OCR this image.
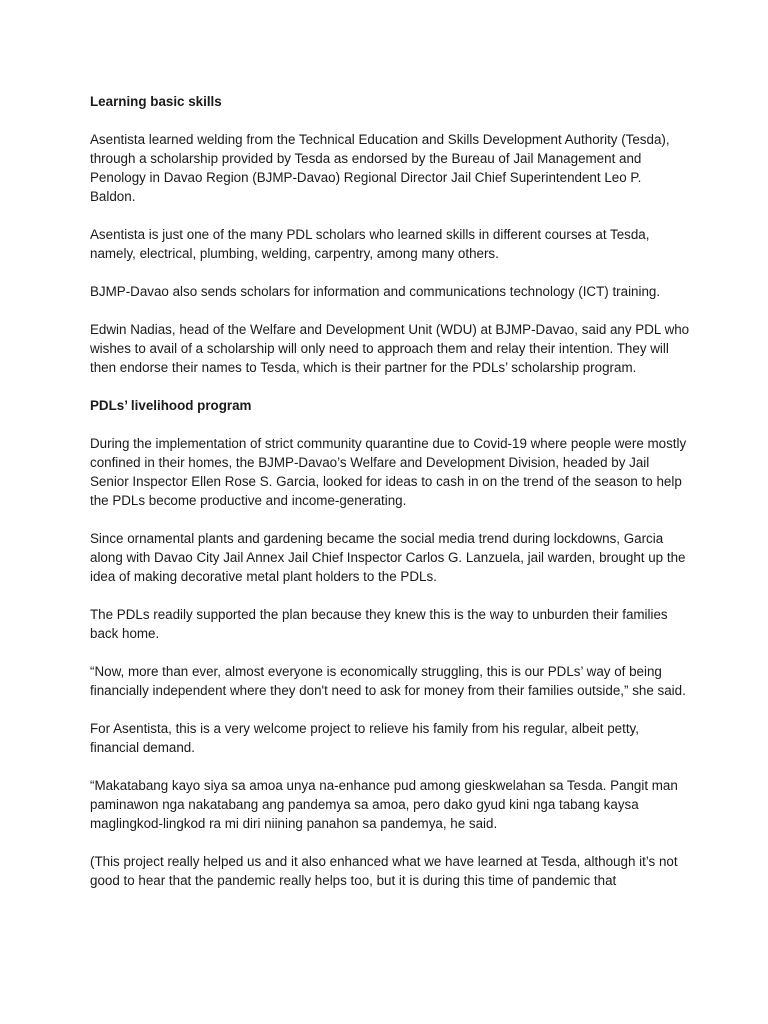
Learning basic skills

Asentista learned welding from the Technical Education and Skills Development Authority (Tesda), through a scholarship provided by Tesda as endorsed by the Bureau of Jail Management and Penology in Davao Region (BJMP-Davao) Regional Director Jail Chief Superintendent Leo P. Baldon.

Asentista is just one of the many PDL scholars who learned skills in different courses at Tesda, namely, electrical, plumbing, welding, carpentry, among many others.

BJMP-Davao also sends scholars for information and communications technology (ICT) training.

Edwin Nadias, head of the Welfare and Development Unit (WDU) at BJMP-Davao, said any PDL who wishes to avail of a scholarship will only need to approach them and relay their intention. They will then endorse their names to Tesda, which is their partner for the PDLs’ scholarship program.

PDLs’ livelihood program

During the implementation of strict community quarantine due to Covid-19 where people were mostly confined in their homes, the BJMP-Davao’s Welfare and Development Division, headed by Jail Senior Inspector Ellen Rose S. Garcia, looked for ideas to cash in on the trend of the season to help the PDLs become productive and income-generating.

Since ornamental plants and gardening became the social media trend during lockdowns, Garcia along with Davao City Jail Annex Jail Chief Inspector Carlos G. Lanzuela, jail warden, brought up the idea of making decorative metal plant holders to the PDLs.

The PDLs readily supported the plan because they knew this is the way to unburden their families back home.

“Now, more than ever, almost everyone is economically struggling, this is our PDLs’ way of being financially independent where they don't need to ask for money from their families outside,” she said.

For Asentista, this is a very welcome project to relieve his family from his regular, albeit petty, financial demand.

“Makatabang kayo siya sa amoa unya na-enhance pud among gieskwelahan sa Tesda. Pangit man paminawon nga nakatabang ang pandemya sa amoa, pero dako gyud kini nga tabang kaysa maglingkod-lingkod ra mi diri niining panahon sa pandemya, he said.

(This project really helped us and it also enhanced what we have learned at Tesda, although it’s not good to hear that the pandemic really helps too, but it is during this time of pandemic that
